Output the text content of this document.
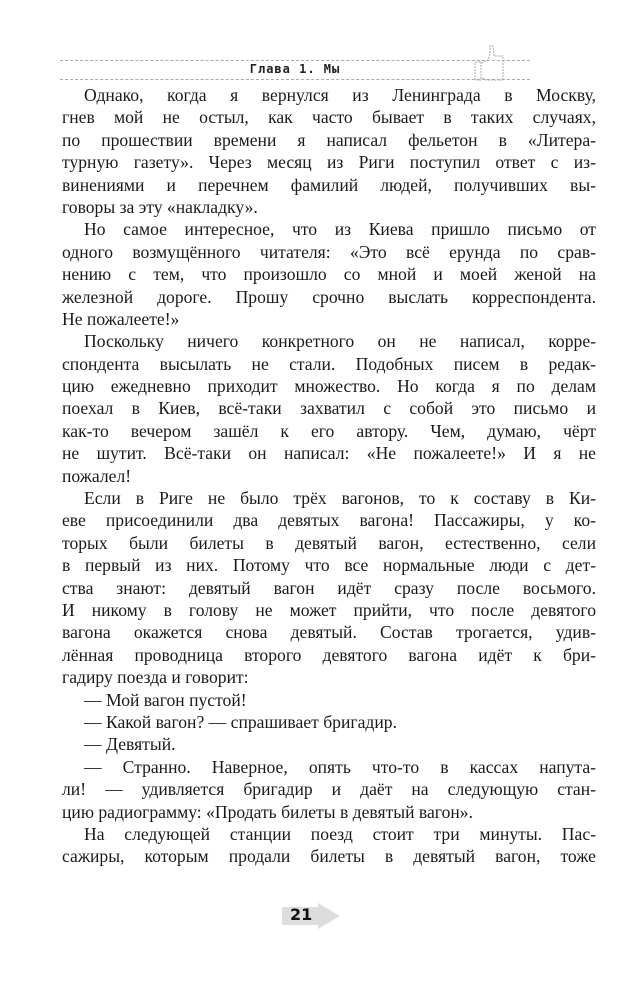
Глава 1. Мы
Однако, когда я вернулся из Ленинграда в Москву,
гнев мой не остыл, как часто бывает в таких случаях,
по прошествии времени я написал фельетон в «Литера-
турную газету». Через месяц из Риги поступил ответ с из-
винениями и перечнем фамилий людей, получивших вы-
говоры за эту «накладку».
Но самое интересное, что из Киева пришло письмо от
одного возмущённого читателя: «Это всё ерунда по срав-
нению с тем, что произошло со мной и моей женой на
железной дороге. Прошу срочно выслать корреспондента.
Не пожалеете!»
Поскольку ничего конкретного он не написал, корре-
спондента высылать не стали. Подобных писем в редак-
цию ежедневно приходит множество. Но когда я по делам
поехал в Киев, всё-таки захватил с собой это письмо и
как-то вечером зашёл к его автору. Чем, думаю, чёрт
не шутит. Всё-таки он написал: «Не пожалеете!» И я не
пожалел!
Если в Риге не было трёх вагонов, то к составу в Ки-
еве присоединили два девятых вагона! Пассажиры, у ко-
торых были билеты в девятый вагон, естественно, сели
в первый из них. Потому что все нормальные люди с дет-
ства знают: девятый вагон идёт сразу после восьмого.
И никому в голову не может прийти, что после девятого
вагона окажется снова девятый. Состав трогается, удив-
лённая проводница второго девятого вагона идёт к бри-
гадиру поезда и говорит:
— Мой вагон пустой!
— Какой вагон? — спрашивает бригадир.
— Девятый.
— Странно. Наверное, опять что-то в кассах напута-
ли! — удивляется бригадир и даёт на следующую стан-
цию радиограмму: «Продать билеты в девятый вагон».
На следующей станции поезд стоит три минуты. Пас-
сажиры, которым продали билеты в девятый вагон, тоже
21
